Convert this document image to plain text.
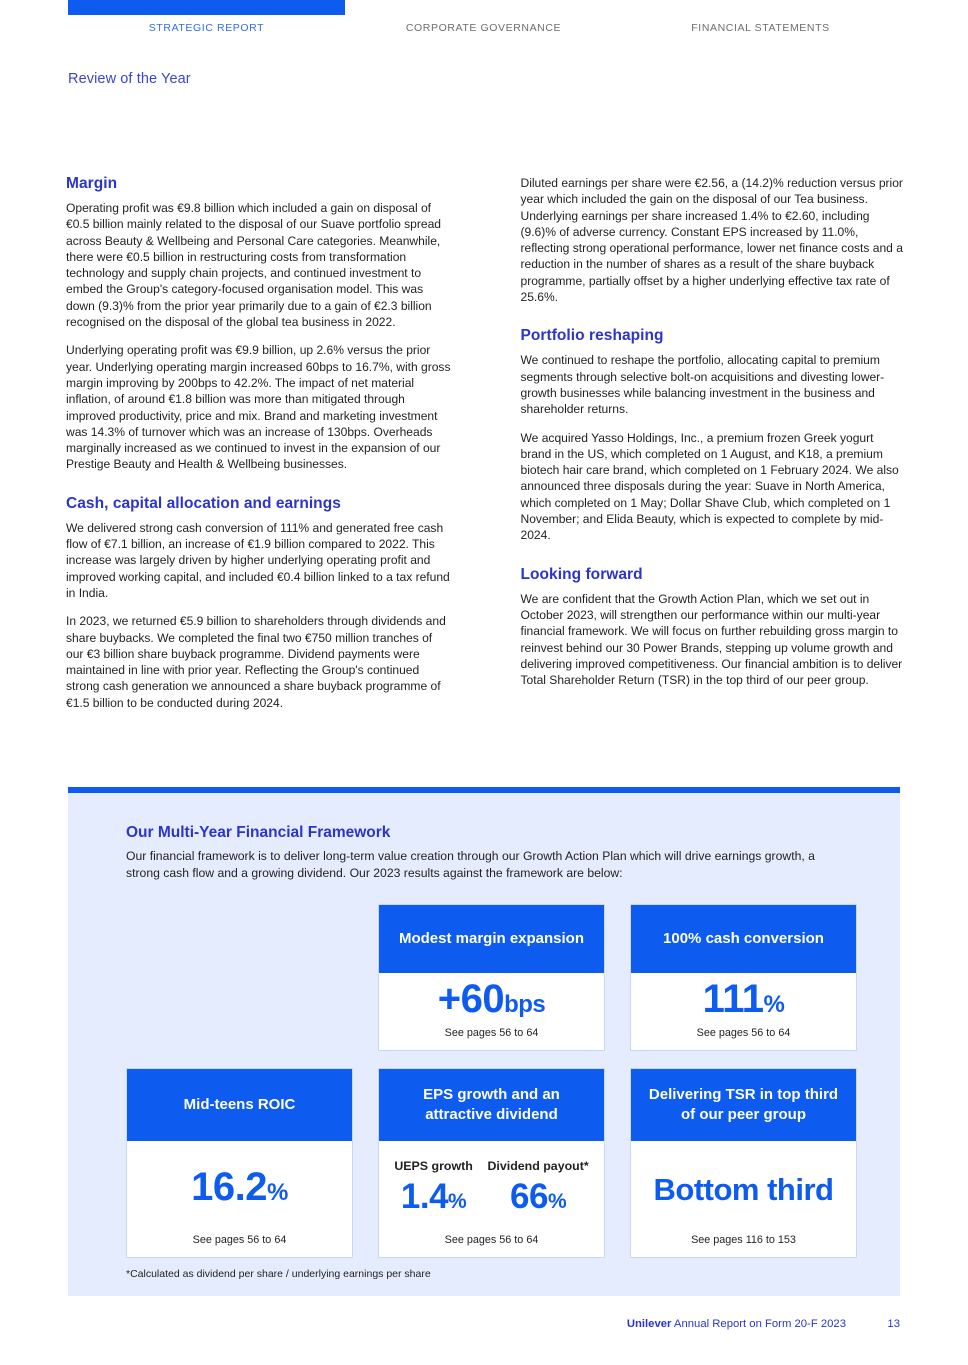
STRATEGIC REPORT	CORPORATE GOVERNANCE	FINANCIAL STATEMENTS
Review of the Year
Margin

Operating profit was €9.8 billion which included a gain on disposal of €0.5 billion mainly related to the disposal of our Suave portfolio spread across Beauty & Wellbeing and Personal Care categories. Meanwhile, there were €0.5 billion in restructuring costs from transformation technology and supply chain projects, and continued investment to embed the Group's category-focused organisation model. This was down (9.3)% from the prior year primarily due to a gain of €2.3 billion recognised on the disposal of the global tea business in 2022.

Underlying operating profit was €9.9 billion, up 2.6% versus the prior year. Underlying operating margin increased 60bps to 16.7%, with gross margin improving by 200bps to 42.2%. The impact of net material inflation, of around €1.8 billion was more than mitigated through improved productivity, price and mix. Brand and marketing investment was 14.3% of turnover which was an increase of 130bps. Overheads marginally increased as we continued to invest in the expansion of our Prestige Beauty and Health & Wellbeing businesses.

Cash, capital allocation and earnings

We delivered strong cash conversion of 111% and generated free cash flow of €7.1 billion, an increase of €1.9 billion compared to 2022. This increase was largely driven by higher underlying operating profit and improved working capital, and included €0.4 billion linked to a tax refund in India.

In 2023, we returned €5.9 billion to shareholders through dividends and share buybacks. We completed the final two €750 million tranches of our €3 billion share buyback programme. Dividend payments were maintained in line with prior year. Reflecting the Group's continued strong cash generation we announced a share buyback programme of €1.5 billion to be conducted during 2024.

Diluted earnings per share were €2.56, a (14.2)% reduction versus prior year which included the gain on the disposal of our Tea business. Underlying earnings per share increased 1.4% to €2.60, including (9.6)% of adverse currency. Constant EPS increased by 11.0%, reflecting strong operational performance, lower net finance costs and a reduction in the number of shares as a result of the share buyback programme, partially offset by a higher underlying effective tax rate of 25.6%.

Portfolio reshaping

We continued to reshape the portfolio, allocating capital to premium segments through selective bolt-on acquisitions and divesting lower-growth businesses while balancing investment in the business and shareholder returns.

We acquired Yasso Holdings, Inc., a premium frozen Greek yogurt brand in the US, which completed on 1 August, and K18, a premium biotech hair care brand, which completed on 1 February 2024. We also announced three disposals during the year: Suave in North America, which completed on 1 May; Dollar Shave Club, which completed on 1 November; and Elida Beauty, which is expected to complete by mid-2024.

Looking forward

We are confident that the Growth Action Plan, which we set out in October 2023, will strengthen our performance within our multi-year financial framework. We will focus on further rebuilding gross margin to reinvest behind our 30 Power Brands, stepping up volume growth and delivering improved competitiveness. Our financial ambition is to deliver Total Shareholder Return (TSR) in the top third of our peer group.

Our Multi-Year Financial Framework

Our financial framework is to deliver long-term value creation through our Growth Action Plan which will drive earnings growth, a strong cash flow and a growing dividend. Our 2023 results against the framework are below:

Modest margin expansion
+60bps
See pages 56 to 64
100% cash conversion
111%
See pages 56 to 64
Mid-teens ROIC
16.2%
See pages 56 to 64
EPS growth and an attractive dividend
UEPS growth
1.4%
Dividend payout*
66%
See pages 56 to 64
Delivering TSR in top third of our peer group
Bottom third
See pages 116 to 153
*Calculated as dividend per share / underlying earnings per share
Unilever Annual Report on Form 20-F 2023	13
